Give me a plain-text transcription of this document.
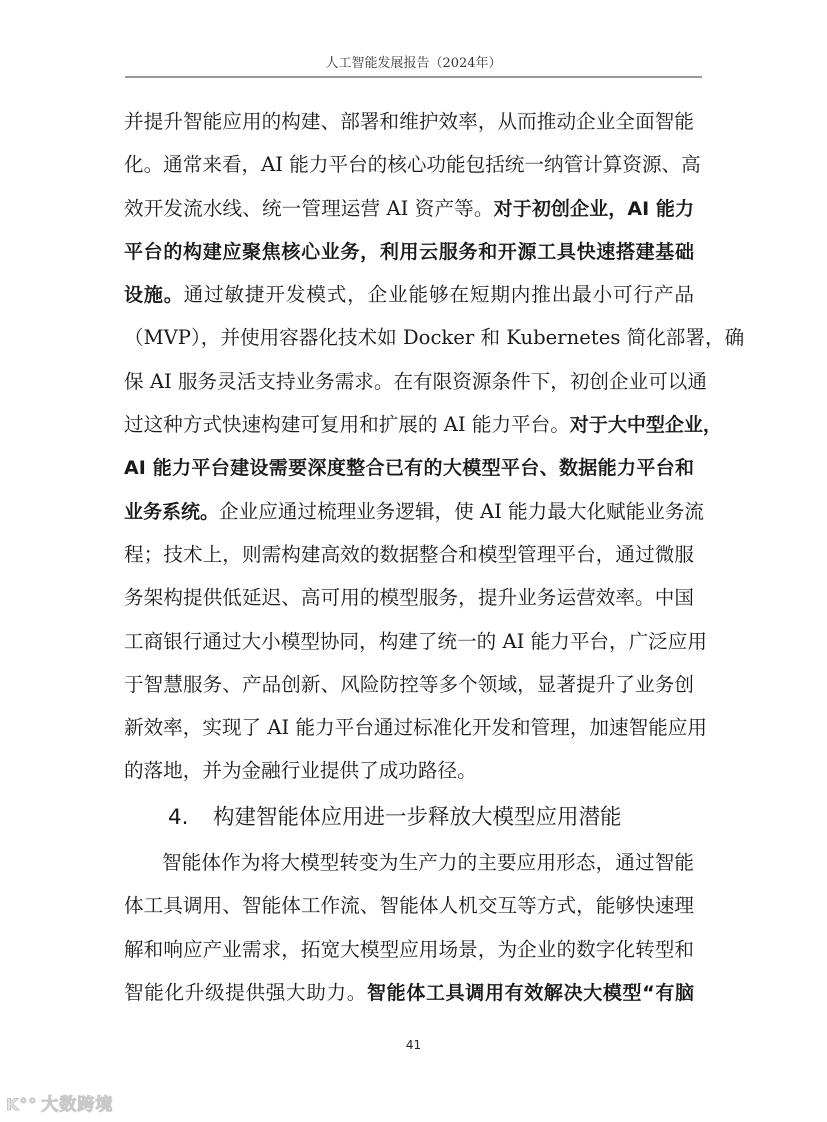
人工智能发展报告（2024年）
并提升智能应用的构建、部署和维护效率，从而推动企业全面智能
化。通常来看，AI 能力平台的核心功能包括统一纳管计算资源、高
效开发流水线、统一管理运营 AI 资产等。对于初创企业，AI 能力
平台的构建应聚焦核心业务，利用云服务和开源工具快速搭建基础
设施。通过敏捷开发模式，企业能够在短期内推出最小可行产品
（MVP），并使用容器化技术如 Docker 和 Kubernetes 简化部署，确
保 AI 服务灵活支持业务需求。在有限资源条件下，初创企业可以通
过这种方式快速构建可复用和扩展的 AI 能力平台。对于大中型企业，
AI 能力平台建设需要深度整合已有的大模型平台、数据能力平台和
业务系统。企业应通过梳理业务逻辑，使 AI 能力最大化赋能业务流
程；技术上，则需构建高效的数据整合和模型管理平台，通过微服
务架构提供低延迟、高可用的模型服务，提升业务运营效率。中国
工商银行通过大小模型协同，构建了统一的 AI 能力平台，广泛应用
于智慧服务、产品创新、风险防控等多个领域，显著提升了业务创
新效率，实现了 AI 能力平台通过标准化开发和管理，加速智能应用
的落地，并为金融行业提供了成功路径。
4. 构建智能体应用进一步释放大模型应用潜能
智能体作为将大模型转变为生产力的主要应用形态，通过智能
体工具调用、智能体工作流、智能体人机交互等方式，能够快速理
解和响应产业需求，拓宽大模型应用场景，为企业的数字化转型和
智能化升级提供强大助力。智能体工具调用有效解决大模型“有脑
41
K°° 大数跨境
